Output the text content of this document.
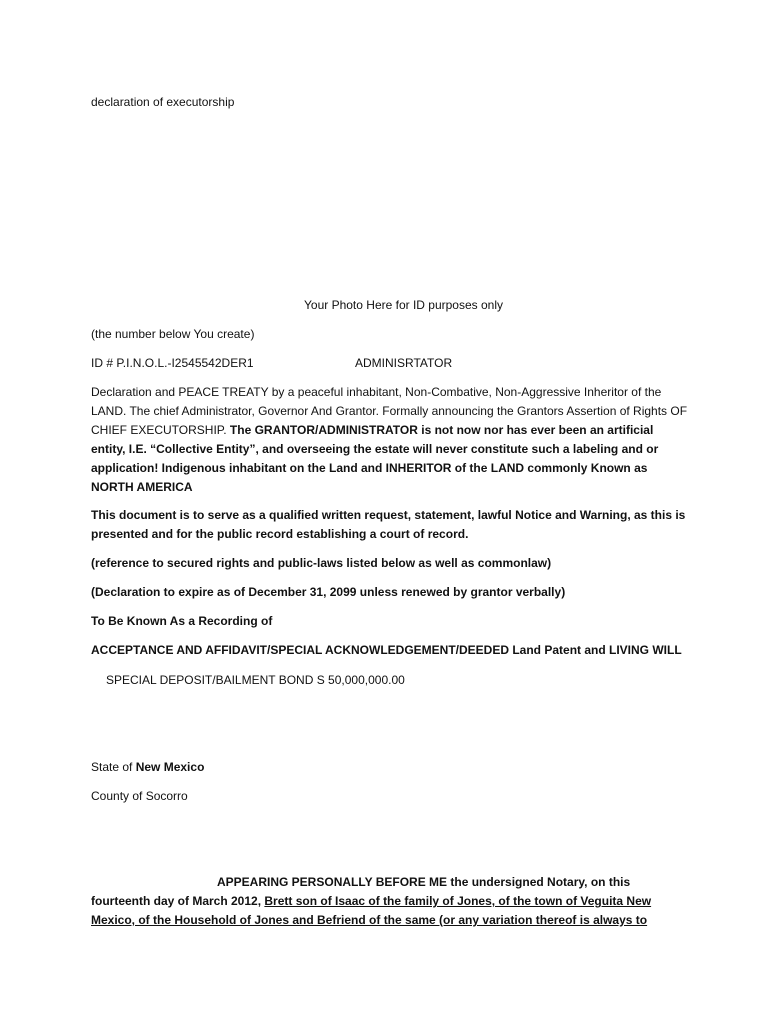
declaration of executorship
Your Photo Here for ID purposes only
(the number below You create)
ID # P.I.N.O.L.-I2545542DER1	ADMINISRTATOR
Declaration and PEACE TREATY by a peaceful inhabitant, Non-Combative, Non-Aggressive Inheritor of the LAND. The chief Administrator, Governor And Grantor. Formally announcing the Grantors Assertion of Rights OF CHIEF EXECUTORSHIP. The GRANTOR/ADMINISTRATOR is not now nor has ever been an artificial entity, I.E. “Collective Entity”, and overseeing the estate will never constitute such a labeling and or application! Indigenous inhabitant on the Land and INHERITOR of the LAND commonly Known as NORTH AMERICA
This document is to serve as a qualified written request, statement, lawful Notice and Warning, as this is presented and for the public record establishing a court of record.
(reference to secured rights and public-laws listed below as well as commonlaw)
(Declaration to expire as of December 31, 2099 unless renewed by grantor verbally)
To Be Known As a Recording of
ACCEPTANCE AND AFFIDAVIT/SPECIAL ACKNOWLEDGEMENT/DEEDED Land Patent and LIVING WILL
SPECIAL DEPOSIT/BAILMENT BOND S 50,000,000.00
State of New Mexico
County of Socorro
APPEARING PERSONALLY BEFORE ME the undersigned Notary, on this
fourteenth day of March 2012, Brett son of Isaac of the family of Jones, of the town of Veguita New
Mexico, of the Household of Jones and Befriend of the same (or any variation thereof is always to
